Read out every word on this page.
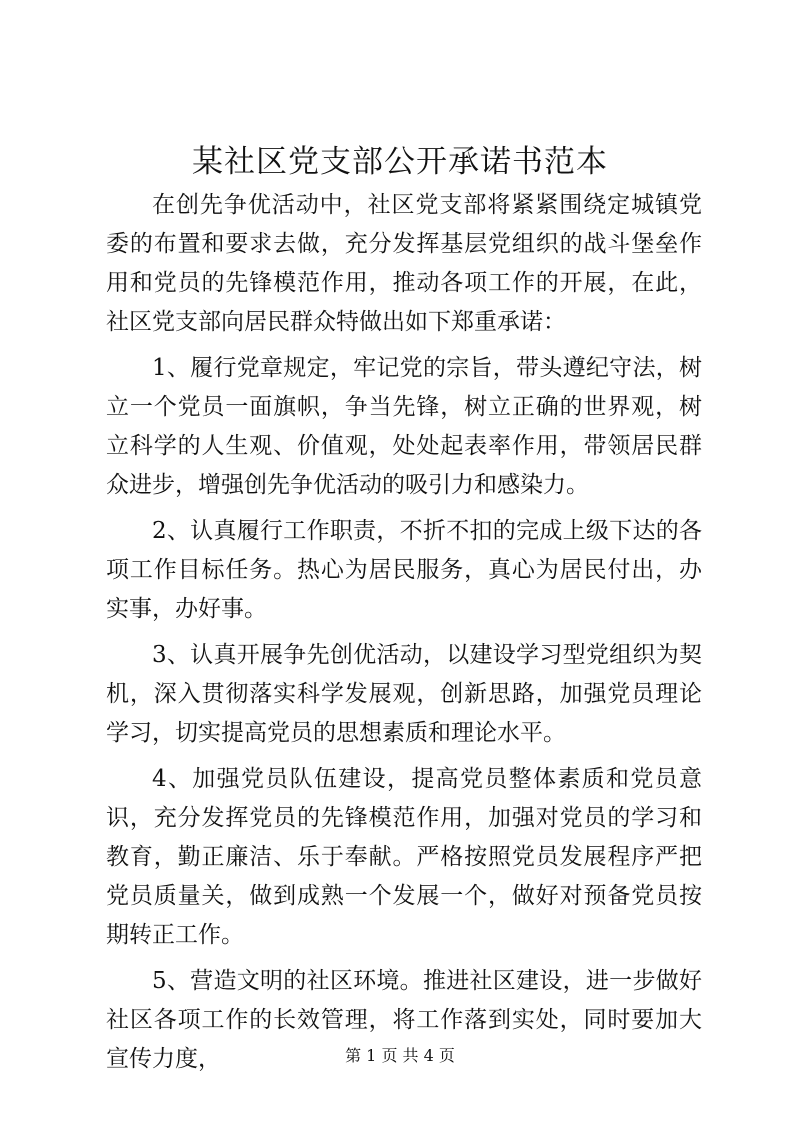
某社区党支部公开承诺书范本

在创先争优活动中，社区党支部将紧紧围绕定城镇党委的布置和要求去做，充分发挥基层党组织的战斗堡垒作用和党员的先锋模范作用，推动各项工作的开展，在此，社区党支部向居民群众特做出如下郑重承诺：

1、履行党章规定，牢记党的宗旨，带头遵纪守法，树立一个党员一面旗帜，争当先锋，树立正确的世界观，树立科学的人生观、价值观，处处起表率作用，带领居民群众进步，增强创先争优活动的吸引力和感染力。

2、认真履行工作职责，不折不扣的完成上级下达的各项工作目标任务。热心为居民服务，真心为居民付出，办实事，办好事。

3、认真开展争先创优活动，以建设学习型党组织为契机，深入贯彻落实科学发展观，创新思路，加强党员理论学习，切实提高党员的思想素质和理论水平。

4、加强党员队伍建设，提高党员整体素质和党员意识，充分发挥党员的先锋模范作用，加强对党员的学习和教育，勤正廉洁、乐于奉献。严格按照党员发展程序严把党员质量关，做到成熟一个发展一个，做好对预备党员按期转正工作。

5、营造文明的社区环境。推进社区建设，进一步做好社区各项工作的长效管理，将工作落到实处，同时要加大宣传力度，	第 1 页 共 4 页
